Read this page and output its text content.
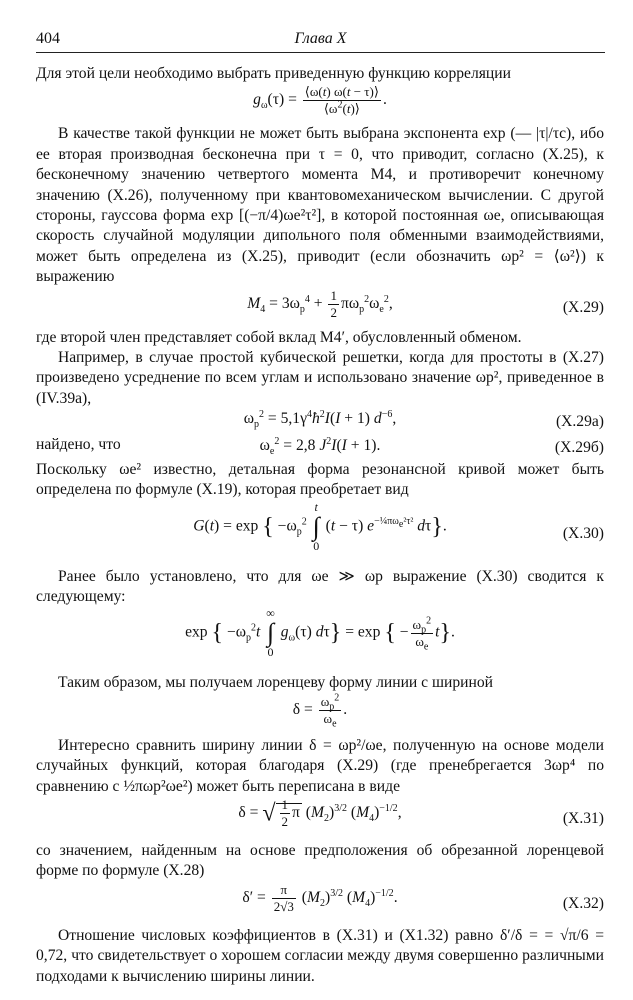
404	Глава X

Для этой цели необходимо выбрать приведенную функцию корреляции

$g_\omega(\tau) = \frac{⟨\omega(t) \omega(t - \tau)⟩}{⟨\omega^2(t)⟩}$ .

В качестве такой функции не может быть выбрана экспонента exp (— |τ|/τc), ибо ее вторая производная бесконечна при τ = 0, что приводит, согласно (X.25), к бесконечному значению четвертого момента M4, и противоречит конечному значению (X.26), полученному при квантовомеханическом вычислении. С другой стороны, гауссова форма exp [(−π/4)ωe²τ²], в которой постоянная ωe, описывающая скорость случайной модуляции дипольного поля обменными взаимодействиями, может быть определена из (X.25), приводит (если обозначить ωp² = ⟨ω²⟩) к выражению

$M_4 = 3\omega_p^4 + \frac{1}{2} \pi\omega_p^2\omega_e^2$,	(X.29)

где второй член представляет собой вклад M4′, обусловленный обменом.

Например, в случае простой кубической решетки, когда для простоты в (X.27) произведено усреднение по всем углам и использовано значение ωp², приведенное в (IV.39a),

$\omega_p^2$ = $5,1\gamma^4ħ^2I(I + 1)$ $d^{-6}$,	(X.29a)

найдено, что	$\omega_e^2 = 2,8$ $J^2I(I + 1)$.	(X.29б)

Поскольку ωe² известно, детальная форма резонансной кривой может быть определена по формуле (X.19), которая преобретает вид

G(t) = exp { $-\omega_p^2$ t
∫
0 (t − τ) $e^{-\frac{1}{4}\pi\omega_e^2\tau^2}$ dτ}.	(X.30)

Ранее было установлено, что для ωe ≫ ωp выражение (X.30) сводится к следующему:

exp { $-\omega_p^2t$ ∞
∫
0 $g_\omega(\tau) d\tau\} = \exp$ { − $\frac{\omega_p^2}{\omega_e} t$}.

Таким образом, мы получаем лоренцеву форму линии с шириной

$\delta = \frac{\omega_p^2}{\omega_e}$ .

Интересно сравнить ширину линии δ = ωp²/ωe, полученную на основе модели случайных функций, которая благодаря (X.29) (где пренебрегается 3ωp⁴ по сравнению с ½πωp²ωe²) может быть переписана в виде

δ = √ $\frac{1}{2}$ π $(M_2)^{3/2}$ $(M_4)^{-1/2}$,	(X.31)

со значением, найденным на основе предположения об обрезанной лоренцевой форме по формуле (X.28)

$\delta' = \frac{\pi}{2√3} (M_2)^{3/2}$ $(M_4)^{-1/2}$.	(X.32)

Отношение числовых коэффициентов в (X.31) и (X1.32) равно δ′/δ = = √π/6 = 0,72, что свидетельствует о хорошем согласии между двумя совершенно различными подходами к вычислению ширины линии.
